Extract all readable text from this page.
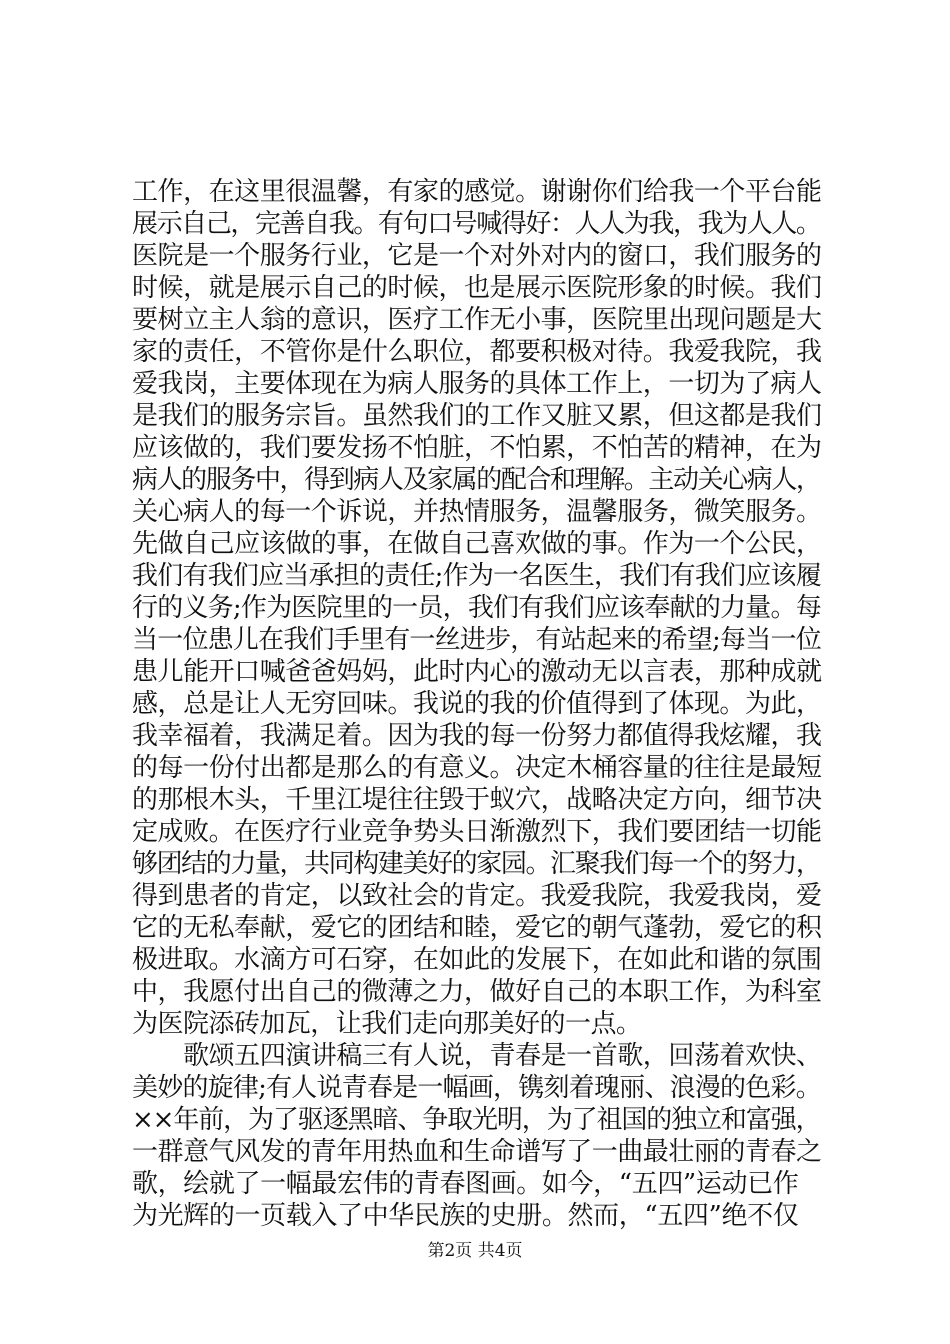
工作，在这里很温馨，有家的感觉。谢谢你们给我一个平台能
展示自己，完善自我。有句口号喊得好：人人为我，我为人人。
医院是一个服务行业，它是一个对外对内的窗口，我们服务的
时候，就是展示自己的时候，也是展示医院形象的时候。我们
要树立主人翁的意识，医疗工作无小事，医院里出现问题是大
家的责任，不管你是什么职位，都要积极对待。我爱我院，我
爱我岗，主要体现在为病人服务的具体工作上，一切为了病人
是我们的服务宗旨。虽然我们的工作又脏又累，但这都是我们
应该做的，我们要发扬不怕脏，不怕累，不怕苦的精神，在为
病人的服务中，得到病人及家属的配合和理解。主动关心病人，
关心病人的每一个诉说，并热情服务，温馨服务，微笑服务。
先做自己应该做的事，在做自己喜欢做的事。作为一个公民，
我们有我们应当承担的责任;作为一名医生，我们有我们应该履
行的义务;作为医院里的一员，我们有我们应该奉献的力量。每
当一位患儿在我们手里有一丝进步，有站起来的希望;每当一位
患儿能开口喊爸爸妈妈，此时内心的激动无以言表，那种成就
感，总是让人无穷回味。我说的我的价值得到了体现。为此，
我幸福着，我满足着。因为我的每一份努力都值得我炫耀，我
的每一份付出都是那么的有意义。决定木桶容量的往往是最短
的那根木头，千里江堤往往毁于蚁穴，战略决定方向，细节决
定成败。在医疗行业竞争势头日渐激烈下，我们要团结一切能
够团结的力量，共同构建美好的家园。汇聚我们每一个的努力，
得到患者的肯定，以致社会的肯定。我爱我院，我爱我岗，爱
它的无私奉献，爱它的团结和睦，爱它的朝气蓬勃，爱它的积
极进取。水滴方可石穿，在如此的发展下，在如此和谐的氛围
中，我愿付出自己的微薄之力，做好自己的本职工作，为科室
为医院添砖加瓦，让我们走向那美好的一点。
　　歌颂五四演讲稿三有人说，青春是一首歌，回荡着欢快、
美妙的旋律;有人说青春是一幅画，镌刻着瑰丽、浪漫的色彩。
××年前，为了驱逐黑暗、争取光明，为了祖国的独立和富强，
一群意气风发的青年用热血和生命谱写了一曲最壮丽的青春之
歌，绘就了一幅最宏伟的青春图画。如今，“五四”运动已作
为光辉的一页载入了中华民族的史册。然而，“五四”绝不仅
第2页 共4页
